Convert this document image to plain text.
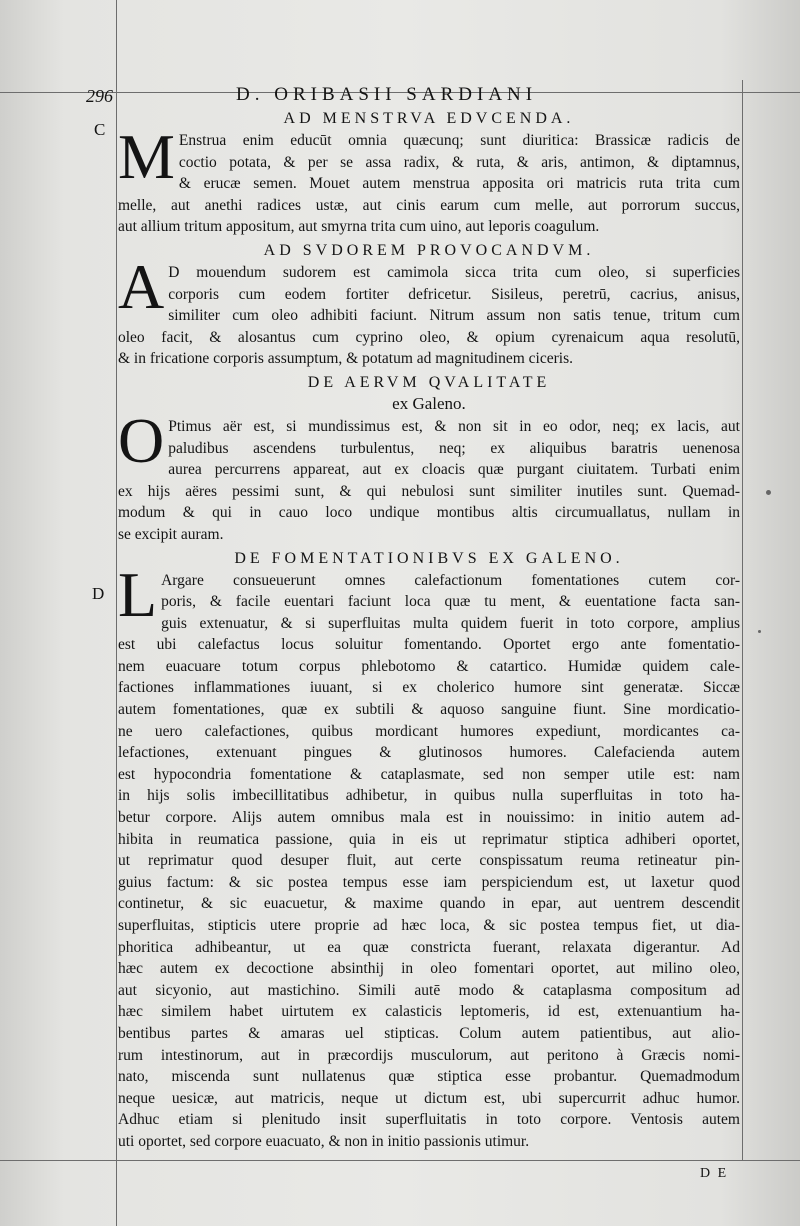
296	D. ORIBASII SARDIANI
C
D
AD MENSTRVA EDVCENDA.
M Enstrua enim educūt omnia quæcunq; sunt diuritica: Brassicæ radicis de
coctio potata, & per se assa radix, & ruta, & aris, antimon, & diptamnus,
& erucæ semen. Mouet autem menstrua apposita ori matricis ruta trita cum
melle, aut anethi radices ustæ, aut cinis earum cum melle, aut porrorum succus,
aut allium tritum appositum, aut smyrna trita cum uino, aut leporis coagulum.
AD SVDOREM PROVOCANDVM.
A D mouendum sudorem est camimola sicca trita cum oleo, si superficies
corporis cum eodem fortiter defricetur. Sisileus, peretrū, cacrius, anisus,
similiter cum oleo adhibiti faciunt. Nitrum assum non satis tenue, tritum cum
oleo facit, & alosantus cum cyprino oleo, & opium cyrenaicum aqua resolutū,
& in fricatione corporis assumptum, & potatum ad magnitudinem ciceris.
DE AERVM QVALITATE
ex Galeno.
O Ptimus aër est, si mundissimus est, & non sit in eo odor, neq; ex lacis, aut
paludibus ascendens turbulentus, neq; ex aliquibus baratris uenenosa
aurea percurrens appareat, aut ex cloacis quæ purgant ciuitatem. Turbati enim
ex hijs aëres pessimi sunt, & qui nebulosi sunt similiter inutiles sunt. Quemad-
modum & qui in cauo loco undique montibus altis circumuallatus, nullam in
se excipit auram.
DE FOMENTATIONIBVS EX GALENO.
L Argare consueuerunt omnes calefactionum fomentationes cutem cor-
poris, & facile euentari faciunt loca quæ tu ment, & euentatione facta san-
guis extenuatur, & si superfluitas multa quidem fuerit in toto corpore, amplius
est ubi calefactus locus soluitur fomentando. Oportet ergo ante fomentatio-
nem euacuare totum corpus phlebotomo & catartico. Humidæ quidem cale-
factiones inflammationes iuuant, si ex cholerico humore sint generatæ. Siccæ
autem fomentationes, quæ ex subtili & aquoso sanguine fiunt. Sine mordicatio-
ne uero calefactiones, quibus mordicant humores expediunt, mordicantes ca-
lefactiones, extenuant pingues & glutinosos humores. Calefacienda autem
est hypocondria fomentatione & cataplasmate, sed non semper utile est: nam
in hijs solis imbecillitatibus adhibetur, in quibus nulla superfluitas in toto ha-
betur corpore. Alijs autem omnibus mala est in nouissimo: in initio autem ad-
hibita in reumatica passione, quia in eis ut reprimatur stiptica adhiberi oportet,
ut reprimatur quod desuper fluit, aut certe conspissatum reuma retineatur pin-
guius factum: & sic postea tempus esse iam perspiciendum est, ut laxetur quod
continetur, & sic euacuetur, & maxime quando in epar, aut uentrem descendit
superfluitas, stipticis utere proprie ad hæc loca, & sic postea tempus fiet, ut dia-
phoritica adhibeantur, ut ea quæ constricta fuerant, relaxata digerantur. Ad
hæc autem ex decoctione absinthij in oleo fomentari oportet, aut milino oleo,
aut sicyonio, aut mastichino. Simili autē modo & cataplasma compositum ad
hæc similem habet uirtutem ex calasticis leptomeris, id est, extenuantium ha-
bentibus partes & amaras uel stipticas. Colum autem patientibus, aut alio-
rum intestinorum, aut in præcordijs musculorum, aut peritono à Græcis nomi-
nato, miscenda sunt nullatenus quæ stiptica esse probantur. Quemadmodum
neque uesicæ, aut matricis, neque ut dictum est, ubi supercurrit adhuc humor.
Adhuc etiam si plenitudo insit superfluitatis in toto corpore. Ventosis autem
uti oportet, sed corpore euacuato, & non in initio passionis utimur.
D E
